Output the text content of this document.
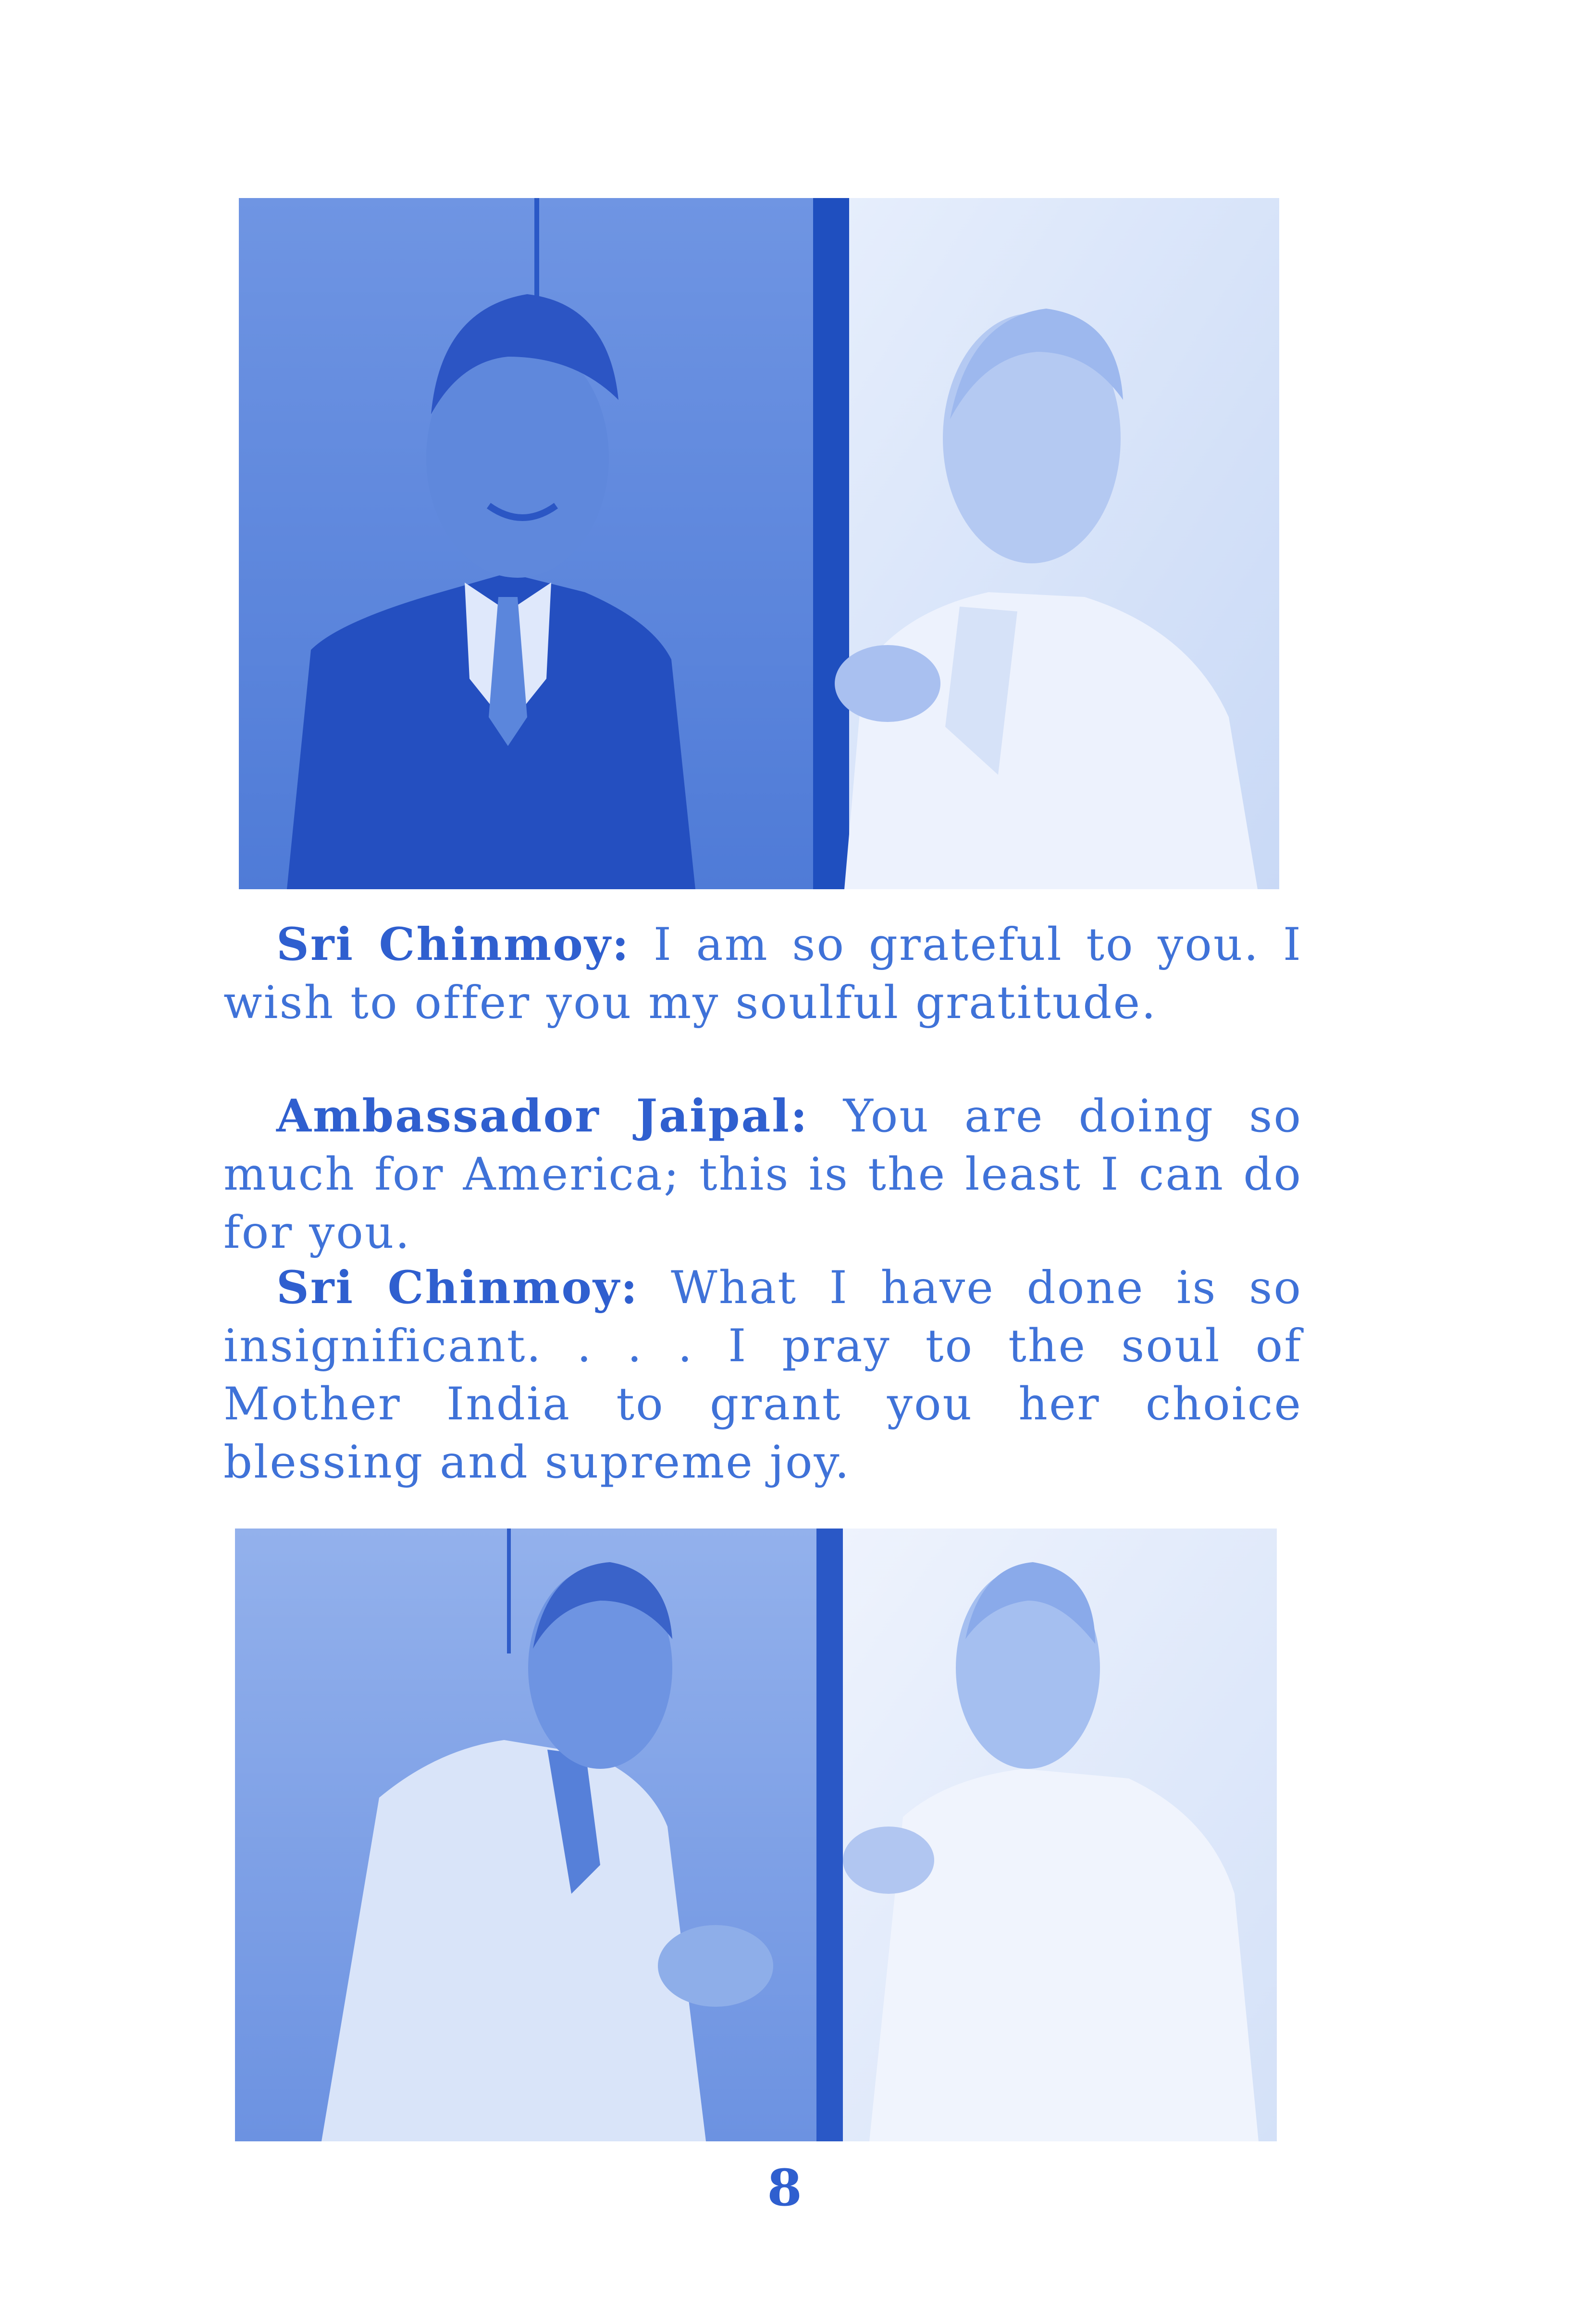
Sri Chinmoy: I am so grateful to you. I wish to offer you my soulful gratitude.

Ambassador Jaipal: You are doing so much for America; this is the least I can do for you.

Sri Chinmoy: What I have done is so insignificant. . . . I pray to the soul of Mother India to grant you her choice blessing and supreme joy.

8
